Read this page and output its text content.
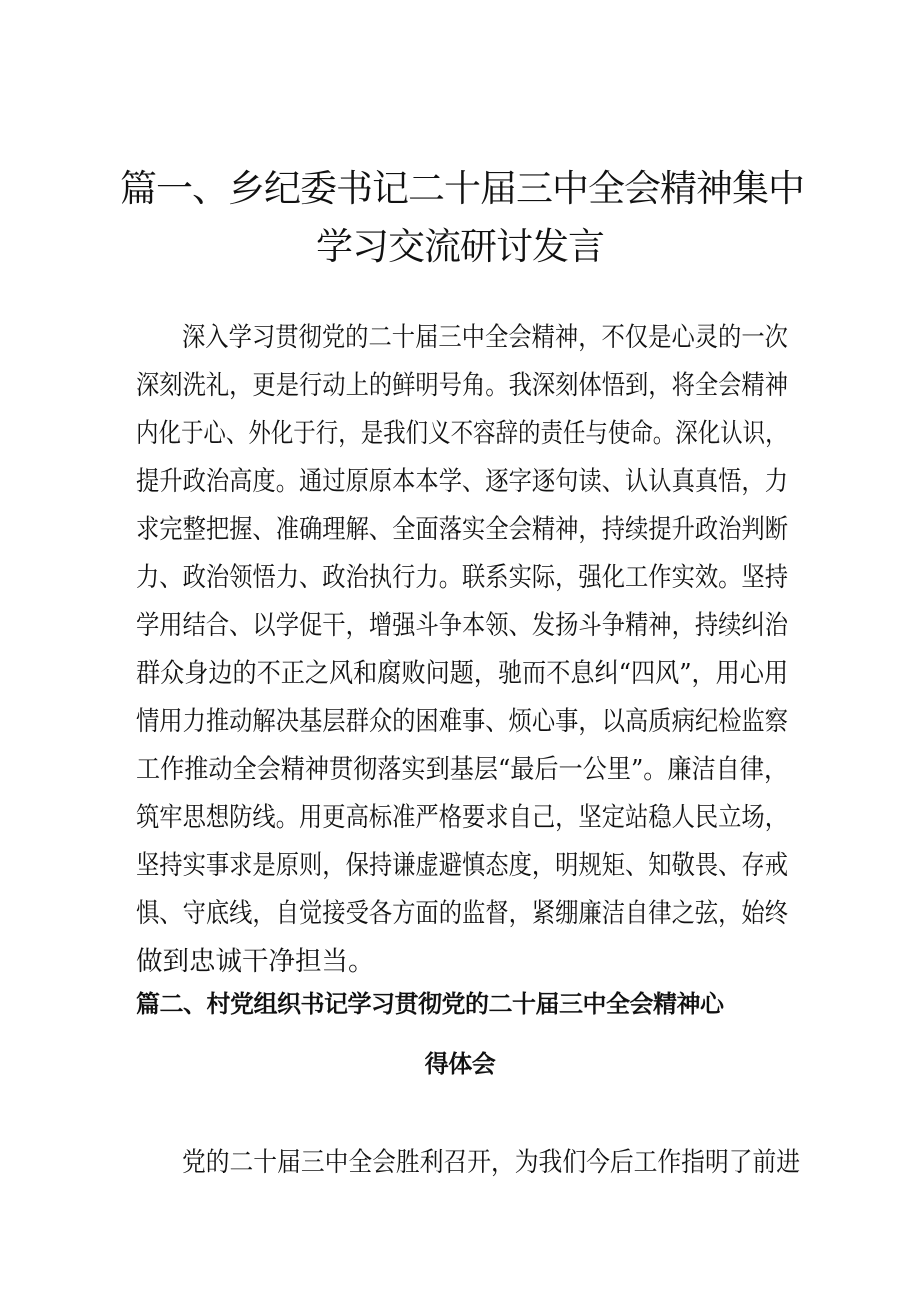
篇一、乡纪委书记二十届三中全会精神集中
学习交流研讨发言
深入学习贯彻党的二十届三中全会精神，不仅是心灵的一次
深刻洗礼，更是行动上的鲜明号角。我深刻体悟到，将全会精神
内化于心、外化于行，是我们义不容辞的责任与使命。深化认识，
提升政治高度。通过原原本本学、逐字逐句读、认认真真悟，力
求完整把握、准确理解、全面落实全会精神，持续提升政治判断
力、政治领悟力、政治执行力。联系实际，强化工作实效。坚持
学用结合、以学促干，增强斗争本领、发扬斗争精神，持续纠治
群众身边的不正之风和腐败问题，驰而不息纠“四风”，用心用
情用力推动解决基层群众的困难事、烦心事，以高质病纪检监察
工作推动全会精神贯彻落实到基层“最后一公里”。廉洁自律，
筑牢思想防线。用更高标准严格要求自己，坚定站稳人民立场，
坚持实事求是原则，保持谦虚避慎态度，明规矩、知敬畏、存戒
惧、守底线，自觉接受各方面的监督，紧绷廉洁自律之弦，始终
做到忠诚干净担当。
篇二、村党组织书记学习贯彻党的二十届三中全会精神心
得体会
党的二十届三中全会胜利召开，为我们今后工作指明了前进
